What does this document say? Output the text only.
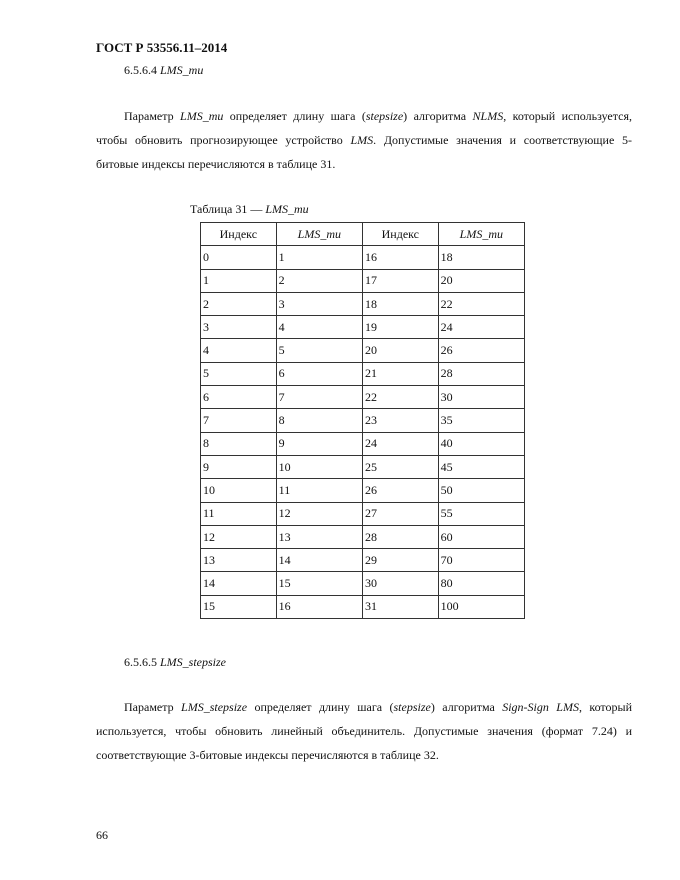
ГОСТ Р 53556.11–2014
6.5.6.4 LMS_mu
Параметр LMS_mu определяет длину шага (stepsize) алгоритма NLMS, который используется, чтобы обновить прогнозирующее устройство LMS. Допустимые значения и соответствующие 5-битовые индексы перечисляются в таблице 31.
Таблица 31 — LMS_mu
Индекс	LMS_mu	Индекс	LMS_mu
0	1	16	18
1	2	17	20
2	3	18	22
3	4	19	24
4	5	20	26
5	6	21	28
6	7	22	30
7	8	23	35
8	9	24	40
9	10	25	45
10	11	26	50
11	12	27	55
12	13	28	60
13	14	29	70
14	15	30	80
15	16	31	100
6.5.6.5 LMS_stepsize
Параметр LMS_stepsize определяет длину шага (stepsize) алгоритма Sign-Sign LMS, который используется, чтобы обновить линейный объединитель. Допустимые значения (формат 7.24) и соответствующие 3-битовые индексы перечисляются в таблице 32.
66
